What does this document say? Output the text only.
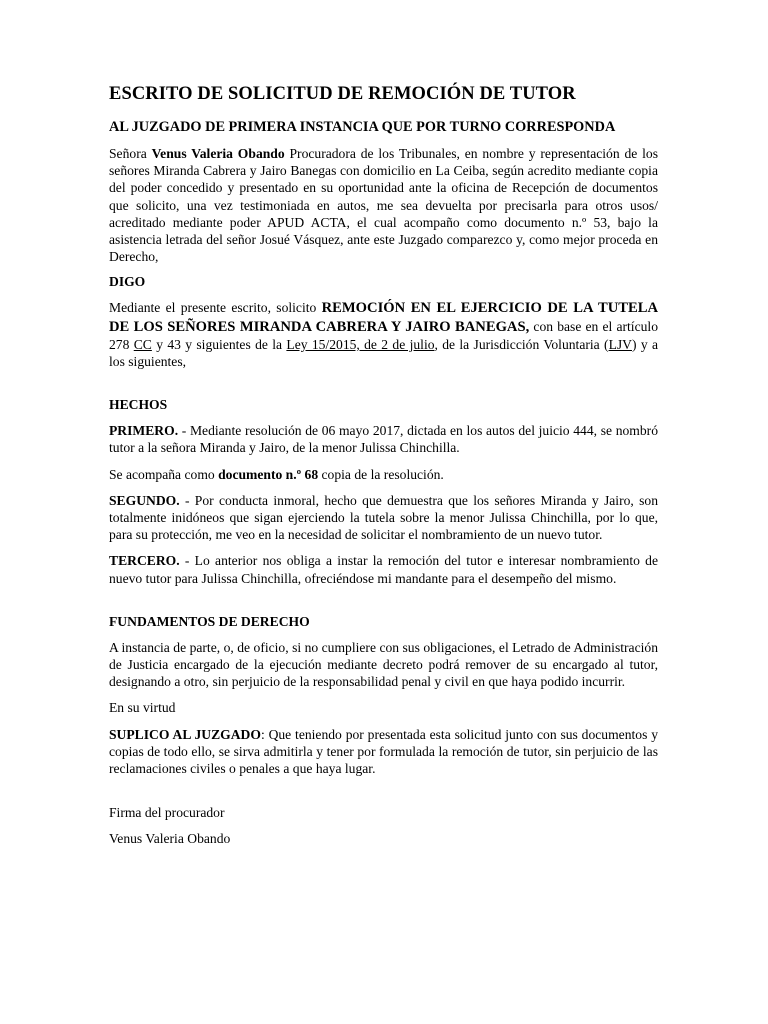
ESCRITO DE SOLICITUD DE REMOCIÓN DE TUTOR
AL JUZGADO DE PRIMERA INSTANCIA QUE POR TURNO CORRESPONDA

Señora Venus Valeria Obando Procuradora de los Tribunales, en nombre y representación de los señores Miranda Cabrera y Jairo Banegas con domicilio en La Ceiba, según acredito mediante copia del poder concedido y presentado en su oportunidad ante la oficina de Recepción de documentos que solicito, una vez testimoniada en autos, me sea devuelta por precisarla para otros usos/ acreditado mediante poder APUD ACTA, el cual acompaño como documento n.º 53, bajo la asistencia letrada del señor Josué Vásquez, ante este Juzgado comparezco y, como mejor proceda en Derecho,

DIGO

Mediante el presente escrito, solicito REMOCIÓN EN EL EJERCICIO DE LA TUTELA DE LOS SEÑORES MIRANDA CABRERA Y JAIRO BANEGAS, con base en el artículo 278 CC y 43 y siguientes de la Ley 15/2015, de 2 de julio, de la Jurisdicción Voluntaria (LJV) y a los siguientes,

HECHOS

PRIMERO. - Mediante resolución de 06 mayo 2017, dictada en los autos del juicio 444, se nombró tutor a la señora Miranda y Jairo, de la menor Julissa Chinchilla.

Se acompaña como documento n.º 68 copia de la resolución.

SEGUNDO. - Por conducta inmoral, hecho que demuestra que los señores Miranda y Jairo, son totalmente inidóneos que sigan ejerciendo la tutela sobre la menor Julissa Chinchilla, por lo que, para su protección, me veo en la necesidad de solicitar el nombramiento de un nuevo tutor.

TERCERO. - Lo anterior nos obliga a instar la remoción del tutor e interesar nombramiento de nuevo tutor para Julissa Chinchilla, ofreciéndose mi mandante para el desempeño del mismo.

FUNDAMENTOS DE DERECHO

A instancia de parte, o, de oficio, si no cumpliere con sus obligaciones, el Letrado de Administración de Justicia encargado de la ejecución mediante decreto podrá remover de su encargado al tutor, designando a otro, sin perjuicio de la responsabilidad penal y civil en que haya podido incurrir.

En su virtud

SUPLICO AL JUZGADO: Que teniendo por presentada esta solicitud junto con sus documentos y copias de todo ello, se sirva admitirla y tener por formulada la remoción de tutor, sin perjuicio de las reclamaciones civiles o penales a que haya lugar.

Firma del procurador

Venus Valeria Obando
